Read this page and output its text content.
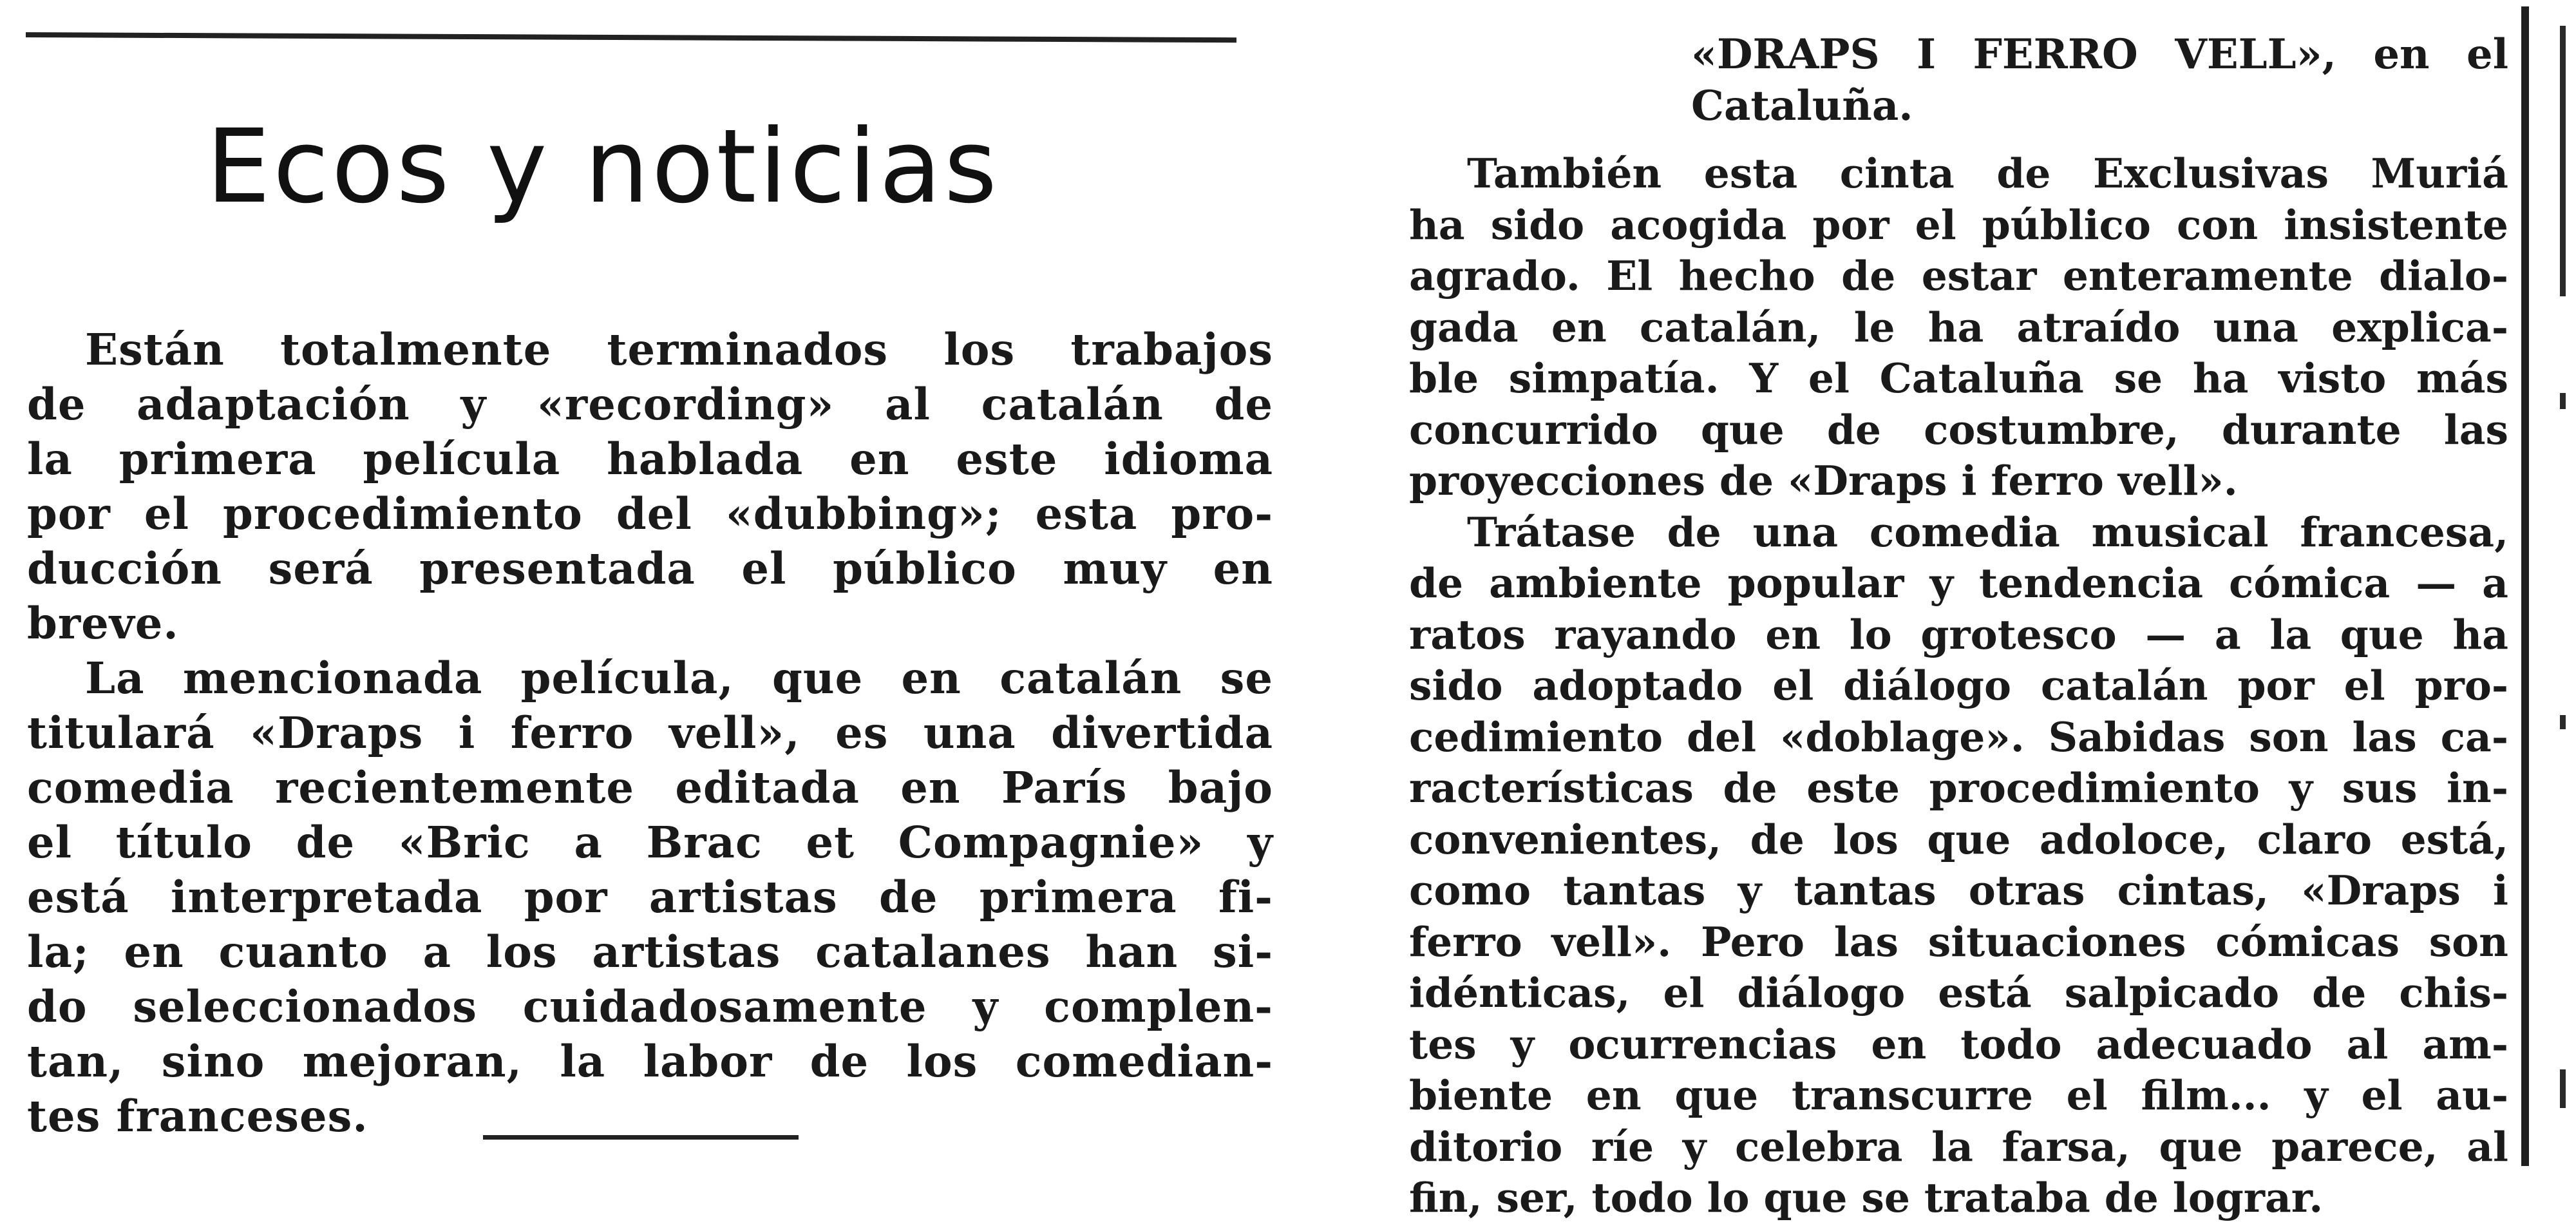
Ecos y noticias
Están totalmente terminados los trabajos
de adaptación y «recording» al catalán de
la primera película hablada en este idioma
por el procedimiento del «dubbing»; esta pro-
ducción será presentada el público muy en
breve.
La mencionada película, que en catalán se
titulará «Draps i ferro vell», es una divertida
comedia recientemente editada en París bajo
el título de «Bric a Brac et Compagnie» y
está interpretada por artistas de primera fi-
la; en cuanto a los artistas catalanes han si-
do seleccionados cuidadosamente y complen-
tan, sino mejoran, la labor de los comedian-
tes franceses.
«DRAPS I FERRO VELL», en el
Cataluña.
También esta cinta de Exclusivas Muriá
ha sido acogida por el público con insistente
agrado. El hecho de estar enteramente dialo-
gada en catalán, le ha atraído una explica-
ble simpatía. Y el Cataluña se ha visto más
concurrido que de costumbre, durante las
proyecciones de «Draps i ferro vell».
Trátase de una comedia musical francesa,
de ambiente popular y tendencia cómica — a
ratos rayando en lo grotesco — a la que ha
sido adoptado el diálogo catalán por el pro-
cedimiento del «doblage». Sabidas son las ca-
racterísticas de este procedimiento y sus in-
convenientes, de los que adoloce, claro está,
como tantas y tantas otras cintas, «Draps i
ferro vell». Pero las situaciones cómicas son
idénticas, el diálogo está salpicado de chis-
tes y ocurrencias en todo adecuado al am-
biente en que transcurre el film... y el au-
ditorio ríe y celebra la farsa, que parece, al
fin, ser, todo lo que se trataba de lograr.
